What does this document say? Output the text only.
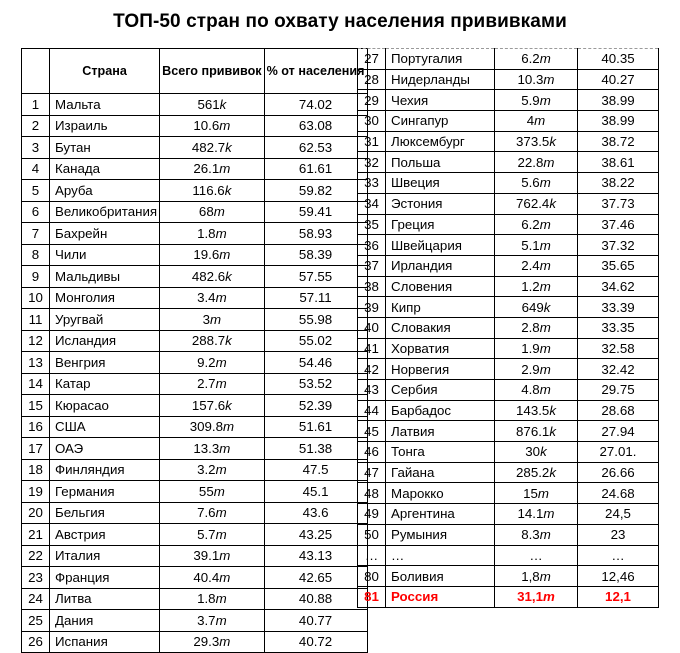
ТОП-50 стран по охвату населения прививками
	Страна	Всего прививок	% от населения
1	Мальта	561k	74.02
2	Израиль	10.6m	63.08
3	Бутан	482.7k	62.53
4	Канада	26.1m	61.61
5	Аруба	116.6k	59.82
6	Великобритания	68m	59.41
7	Бахрейн	1.8m	58.93
8	Чили	19.6m	58.39
9	Мальдивы	482.6k	57.55
10	Монголия	3.4m	57.11
11	Уругвай	3m	55.98
12	Исландия	288.7k	55.02
13	Венгрия	9.2m	54.46
14	Катар	2.7m	53.52
15	Кюрасао	157.6k	52.39
16	США	309.8m	51.61
17	ОАЭ	13.3m	51.38
18	Финляндия	3.2m	47.5
19	Германия	55m	45.1
20	Бельгия	7.6m	43.6
21	Австрия	5.7m	43.25
22	Италия	39.1m	43.13
23	Франция	40.4m	42.65
24	Литва	1.8m	40.88
25	Дания	3.7m	40.77
26	Испания	29.3m	40.72
27	Португалия	6.2m	40.35
28	Нидерланды	10.3m	40.27
29	Чехия	5.9m	38.99
30	Сингапур	4m	38.99
31	Люксембург	373.5k	38.72
32	Польша	22.8m	38.61
33	Швеция	5.6m	38.22
34	Эстония	762.4k	37.73
35	Греция	6.2m	37.46
36	Швейцария	5.1m	37.32
37	Ирландия	2.4m	35.65
38	Словения	1.2m	34.62
39	Кипр	649k	33.39
40	Словакия	2.8m	33.35
41	Хорватия	1.9m	32.58
42	Норвегия	2.9m	32.42
43	Сербия	4.8m	29.75
44	Барбадос	143.5k	28.68
45	Латвия	876.1k	27.94
46	Тонга	30k	27.01.
47	Гайана	285.2k	26.66
48	Марокко	15m	24.68
49	Аргентина	14.1m	24,5
50	Румыния	8.3m	23
…	…	…	…
80	Боливия	1,8m	12,46
81	Россия	31,1m	12,1
